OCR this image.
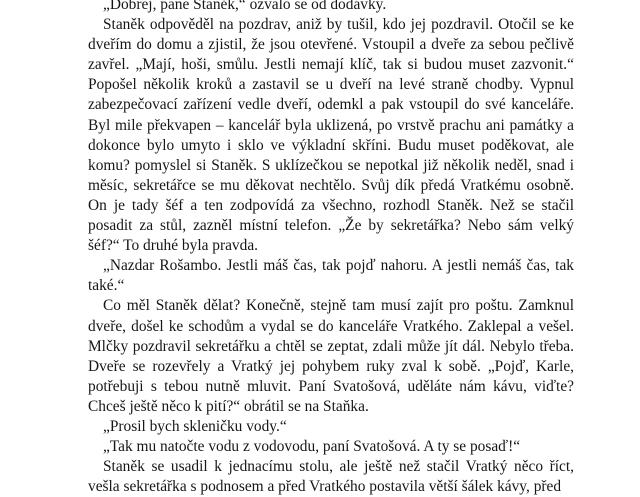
„Dobrej, pane Staněk,“ ozvalo se od dodávky.

Staněk odpověděl na pozdrav, aniž by tušil, kdo jej pozdravil. Otočil se ke dveřím do domu a zjistil, že jsou otevřené. Vstoupil a dveře za sebou pečlivě zavřel. „Mají, hoši, smůlu. Jestli nemají klíč, tak si budou muset zazvonit.“ Popošel několik kroků a zastavil se u dveří na levé straně chodby. Vypnul zabezpečovací zařízení vedle dveří, odemkl a pak vstoupil do své kanceláře. Byl mile překvapen – kancelář byla uklizená, po vrstvě prachu ani památky a dokonce bylo umyto i sklo ve výkladní skříni. Budu muset poděkovat, ale komu? pomyslel si Staněk. S uklízečkou se nepotkal již několik neděl, snad i měsíc, sekretářce se mu děkovat nechtělo. Svůj dík předá Vratkému osobně. On je tady šéf a ten zodpovídá za všechno, rozhodl Staněk. Než se stačil posadit za stůl, zazněl místní telefon. „Že by sekretářka? Nebo sám velký šéf?“ To druhé byla pravda.

„Nazdar Rošambo. Jestli máš čas, tak pojď nahoru. A jestli nemáš čas, tak také.“

Co měl Staněk dělat? Konečně, stejně tam musí zajít pro poštu. Zamknul dveře, došel ke schodům a vydal se do kanceláře Vratkého. Zaklepal a vešel. Mlčky pozdravil sekretářku a chtěl se zeptat, zdali může jít dál. Nebylo třeba. Dveře se rozevřely a Vratký jej pohybem ruky zval k sobě. „Pojď, Karle, potřebuji s tebou nutně mluvit. Paní Svatošová, uděláte nám kávu, viďte? Chceš ještě něco k pití?“ obrátil se na Staňka.

„Prosil bych skleničku vody.“

„Tak mu natočte vodu z vodovodu, paní Svatošová. A ty se posaď!“

Staněk se usadil k jednacímu stolu, ale ještě než stačil Vratký něco říct, vešla sekretářka s podnosem a před Vratkého postavila větší šálek kávy, před
